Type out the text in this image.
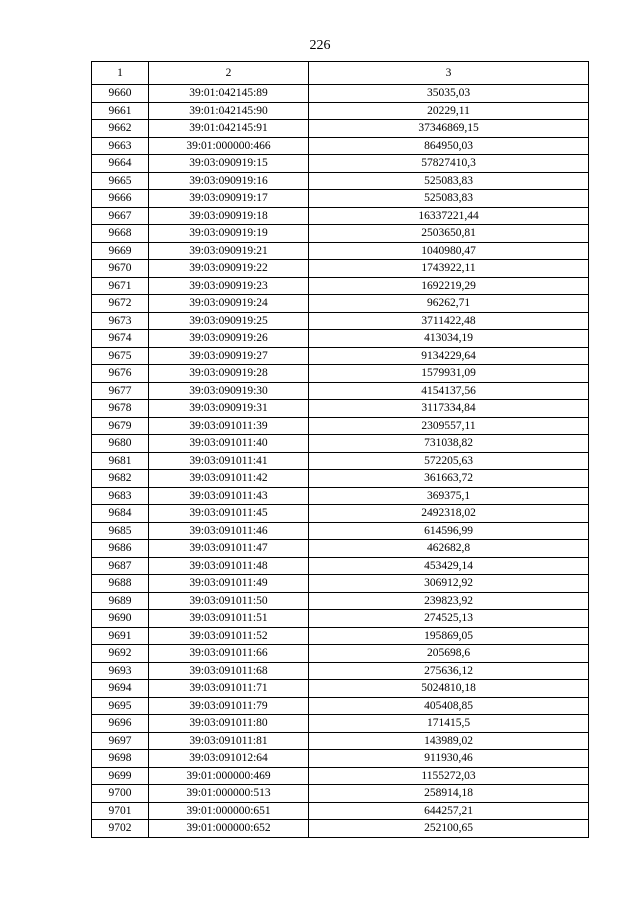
226
1	2	3
9660	39:01:042145:89	35035,03
9661	39:01:042145:90	20229,11
9662	39:01:042145:91	37346869,15
9663	39:01:000000:466	864950,03
9664	39:03:090919:15	57827410,3
9665	39:03:090919:16	525083,83
9666	39:03:090919:17	525083,83
9667	39:03:090919:18	16337221,44
9668	39:03:090919:19	2503650,81
9669	39:03:090919:21	1040980,47
9670	39:03:090919:22	1743922,11
9671	39:03:090919:23	1692219,29
9672	39:03:090919:24	96262,71
9673	39:03:090919:25	3711422,48
9674	39:03:090919:26	413034,19
9675	39:03:090919:27	9134229,64
9676	39:03:090919:28	1579931,09
9677	39:03:090919:30	4154137,56
9678	39:03:090919:31	3117334,84
9679	39:03:091011:39	2309557,11
9680	39:03:091011:40	731038,82
9681	39:03:091011:41	572205,63
9682	39:03:091011:42	361663,72
9683	39:03:091011:43	369375,1
9684	39:03:091011:45	2492318,02
9685	39:03:091011:46	614596,99
9686	39:03:091011:47	462682,8
9687	39:03:091011:48	453429,14
9688	39:03:091011:49	306912,92
9689	39:03:091011:50	239823,92
9690	39:03:091011:51	274525,13
9691	39:03:091011:52	195869,05
9692	39:03:091011:66	205698,6
9693	39:03:091011:68	275636,12
9694	39:03:091011:71	5024810,18
9695	39:03:091011:79	405408,85
9696	39:03:091011:80	171415,5
9697	39:03:091011:81	143989,02
9698	39:03:091012:64	911930,46
9699	39:01:000000:469	1155272,03
9700	39:01:000000:513	258914,18
9701	39:01:000000:651	644257,21
9702	39:01:000000:652	252100,65
